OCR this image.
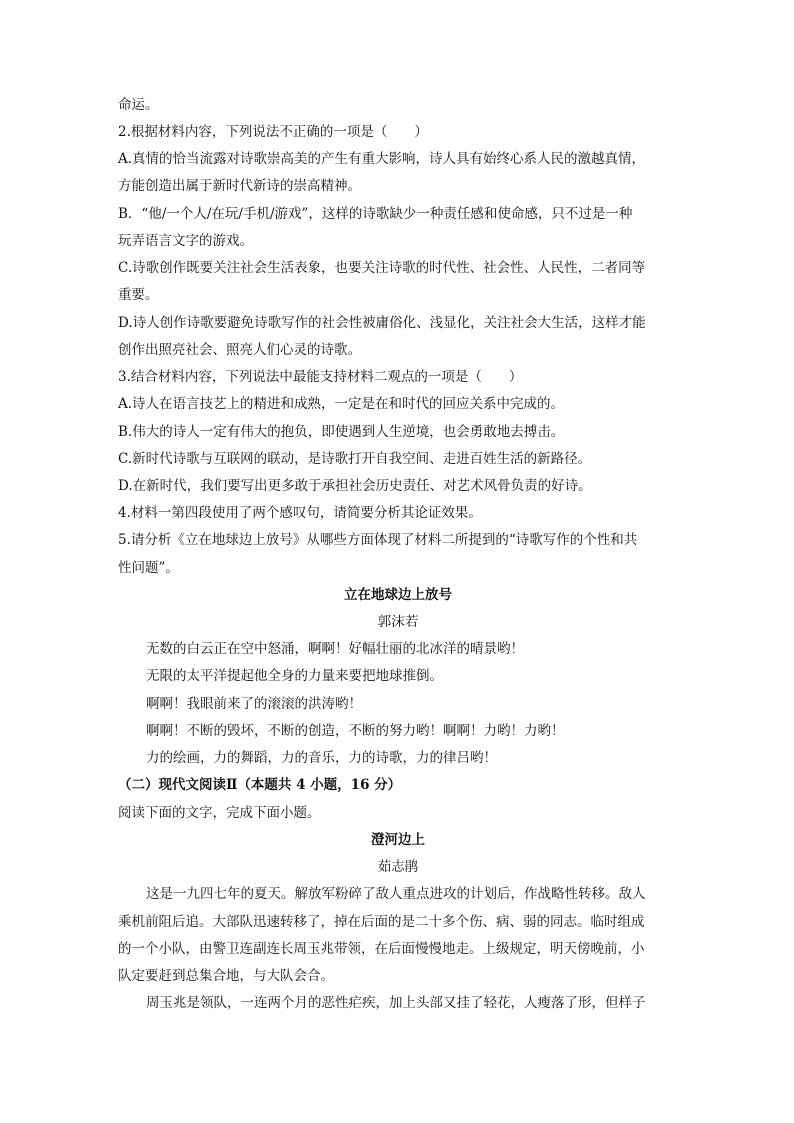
命运。
2.根据材料内容，下列说法不正确的一项是（　　）
A.真情的恰当流露对诗歌崇高美的产生有重大影响，诗人具有始终心系人民的激越真情，
方能创造出属于新时代新诗的崇高精神。
B．“他/一个人/在玩/手机/游戏”，这样的诗歌缺少一种责任感和使命感，只不过是一种
玩弄语言文字的游戏。
C.诗歌创作既要关注社会生活表象，也要关注诗歌的时代性、社会性、人民性，二者同等
重要。
D.诗人创作诗歌要避免诗歌写作的社会性被庸俗化、浅显化，关注社会大生活，这样才能
创作出照亮社会、照亮人们心灵的诗歌。
3.结合材料内容，下列说法中最能支持材料二观点的一项是（　　）
A.诗人在语言技艺上的精进和成熟，一定是在和时代的回应关系中完成的。
B.伟大的诗人一定有伟大的抱负，即使遇到人生逆境，也会勇敢地去搏击。
C.新时代诗歌与互联网的联动，是诗歌打开自我空间、走进百姓生活的新路径。
D.在新时代，我们要写出更多敢于承担社会历史责任、对艺术风骨负责的好诗。
4.材料一第四段使用了两个感叹句，请简要分析其论证效果。
5.请分析《立在地球边上放号》从哪些方面体现了材料二所提到的“诗歌写作的个性和共
性问题”。
立在地球边上放号
郭沫若
无数的白云正在空中怒涌，啊啊！好幅壮丽的北冰洋的晴景哟！
无限的太平洋提起他全身的力量来要把地球推倒。
啊啊！我眼前来了的滚滚的洪涛哟！
啊啊！不断的毁坏，不断的创造，不断的努力哟！啊啊！力哟！力哟！
力的绘画，力的舞蹈，力的音乐，力的诗歌，力的律吕哟！
（二）现代文阅读Ⅱ（本题共 4 小题，16 分）
阅读下面的文字，完成下面小题。
澄河边上
茹志鹃
这是一九四七年的夏天。解放军粉碎了敌人重点进攻的计划后，作战略性转移。敌人
乘机前阻后追。大部队迅速转移了，掉在后面的是二十多个伤、病、弱的同志。临时组成
的一个小队，由警卫连副连长周玉兆带领，在后面慢慢地走。上级规定，明天傍晚前，小
队定要赶到总集合地，与大队会合。
周玉兆是领队，一连两个月的恶性疟疾，加上头部又挂了轻花，人瘦落了形，但样子
